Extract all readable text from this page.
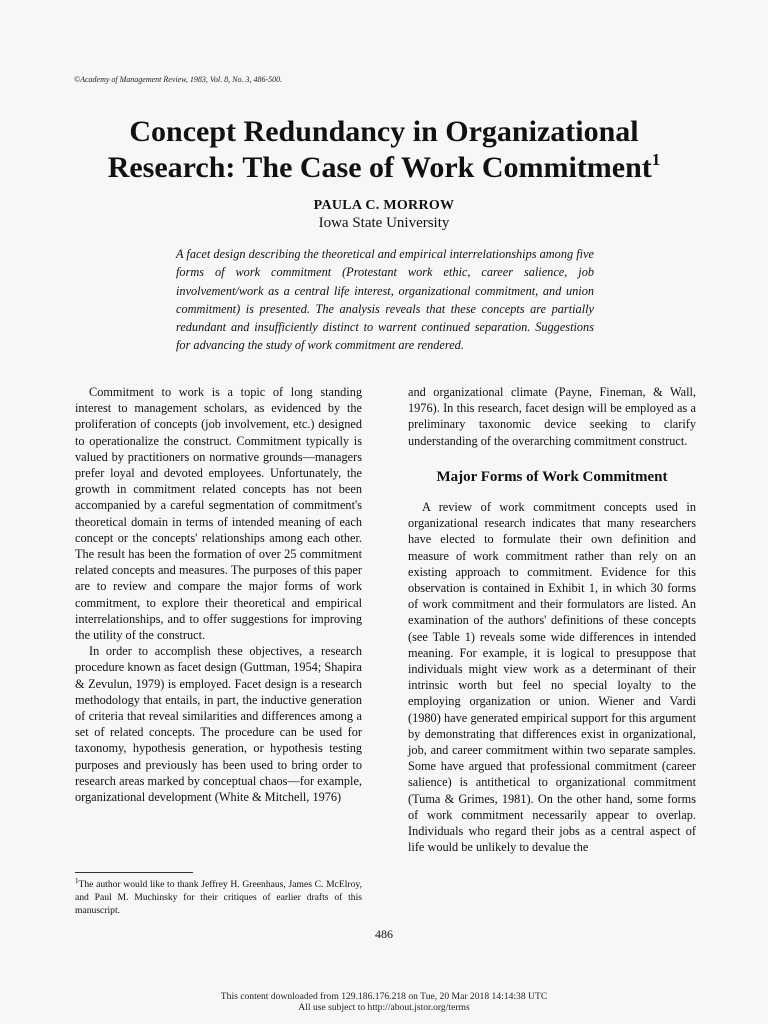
©Academy of Management Review, 1983, Vol. 8, No. 3, 486-500.
Concept Redundancy in Organizational
Research: The Case of Work Commitment$^1$
PAULA C. MORROW
Iowa State University

A facet design describing the theoretical and empirical interrelationships among five forms of work commitment (Protestant work ethic, career salience, job involvement/work as a central life interest, organizational commitment, and union commitment) is presented. The analysis reveals that these concepts are partially redundant and insufficiently distinct to warrent continued separation. Suggestions for advancing the study of work commitment are rendered.

Commitment to work is a topic of long standing interest to management scholars, as evidenced by the proliferation of concepts (job involvement, etc.) designed to operationalize the construct. Commitment typically is valued by practitioners on normative grounds—managers prefer loyal and devoted employees. Unfortunately, the growth in commitment related concepts has not been accompanied by a careful segmentation of commitment's theoretical domain in terms of intended meaning of each concept or the concepts' relationships among each other. The result has been the formation of over 25 commitment related concepts and measures. The purposes of this paper are to review and compare the major forms of work commitment, to explore their theoretical and empirical interrelationships, and to offer suggestions for improving the utility of the construct.

In order to accomplish these objectives, a research procedure known as facet design (Guttman, 1954; Shapira & Zevulun, 1979) is employed. Facet design is a research methodology that entails, in part, the inductive generation of criteria that reveal similarities and differences among a set of related concepts. The procedure can be used for taxonomy, hypothesis generation, or hypothesis testing purposes and previously has been used to bring order to research areas marked by conceptual chaos—for example, organizational development (White & Mitchell, 1976)

and organizational climate (Payne, Fineman, & Wall, 1976). In this research, facet design will be employed as a preliminary taxonomic device seeking to clarify understanding of the overarching commitment construct.

Major Forms of Work Commitment

A review of work commitment concepts used in organizational research indicates that many researchers have elected to formulate their own definition and measure of work commitment rather than rely on an existing approach to commitment. Evidence for this observation is contained in Exhibit 1, in which 30 forms of work commitment and their formulators are listed. An examination of the authors' definitions of these concepts (see Table 1) reveals some wide differences in intended meaning. For example, it is logical to presuppose that individuals might view work as a determinant of their intrinsic worth but feel no special loyalty to the employing organization or union. Wiener and Vardi (1980) have generated empirical support for this argument by demonstrating that differences exist in organizational, job, and career commitment within two separate samples. Some have argued that professional commitment (career salience) is antithetical to organizational commitment (Tuma & Grimes, 1981). On the other hand, some forms of work commitment necessarily appear to overlap. Individuals who regard their jobs as a central aspect of life would be unlikely to devalue the

$^1$The author would like to thank Jeffrey H. Greenhaus, James C. McElroy, and Paul M. Muchinsky for their critiques of earlier drafts of this manuscript.

486
This content downloaded from 129.186.176.218 on Tue, 20 Mar 2018 14:14:38 UTC
All use subject to http://about.jstor.org/terms
